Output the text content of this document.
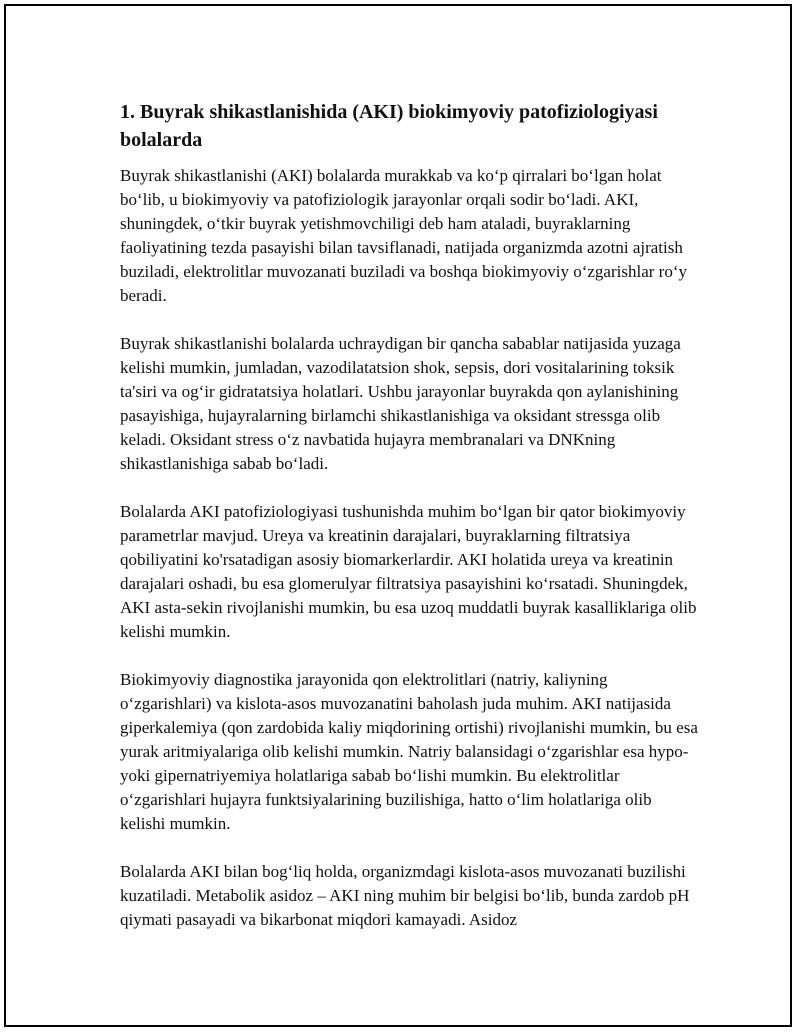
1. Buyrak shikastlanishida (AKI) biokimyoviy patofiziologiyasi bolalarda

Buyrak shikastlanishi (AKI) bolalarda murakkab va ko‘p qirralari bo‘lgan holat bo‘lib, u biokimyoviy va patofiziologik jarayonlar orqali sodir bo‘ladi. AKI, shuningdek, o‘tkir buyrak yetishmovchiligi deb ham ataladi, buyraklarning faoliyatining tezda pasayishi bilan tavsiflanadi, natijada organizmda azotni ajratish buziladi, elektrolitlar muvozanati buziladi va boshqa biokimyoviy o‘zgarishlar ro‘y beradi.

Buyrak shikastlanishi bolalarda uchraydigan bir qancha sabablar natijasida yuzaga kelishi mumkin, jumladan, vazodilatatsion shok, sepsis, dori vositalarining toksik ta'siri va og‘ir gidratatsiya holatlari. Ushbu jarayonlar buyrakda qon aylanishining pasayishiga, hujayralarning birlamchi shikastlanishiga va oksidant stressga olib keladi. Oksidant stress o‘z navbatida hujayra membranalari va DNKning shikastlanishiga sabab bo‘ladi.

Bolalarda AKI patofiziologiyasi tushunishda muhim bo‘lgan bir qator biokimyoviy parametrlar mavjud. Ureya va kreatinin darajalari, buyraklarning filtratsiya qobiliyatini ko'rsatadigan asosiy biomarkerlardir. AKI holatida ureya va kreatinin darajalari oshadi, bu esa glomerulyar filtratsiya pasayishini ko‘rsatadi. Shuningdek, AKI asta-sekin rivojlanishi mumkin, bu esa uzoq muddatli buyrak kasalliklariga olib kelishi mumkin.

Biokimyoviy diagnostika jarayonida qon elektrolitlari (natriy, kaliyning o‘zgarishlari) va kislota-asos muvozanatini baholash juda muhim. AKI natijasida giperkalemiya (qon zardobida kaliy miqdorining ortishi) rivojlanishi mumkin, bu esa yurak aritmiyalariga olib kelishi mumkin. Natriy balansidagi o‘zgarishlar esa hypo- yoki gipernatriyemiya holatlariga sabab bo‘lishi mumkin. Bu elektrolitlar o‘zgarishlari hujayra funktsiyalarining buzilishiga, hatto o‘lim holatlariga olib kelishi mumkin.

Bolalarda AKI bilan bog‘liq holda, organizmdagi kislota-asos muvozanati buzilishi kuzatiladi. Metabolik asidoz – AKI ning muhim bir belgisi bo‘lib, bunda zardob pH qiymati pasayadi va bikarbonat miqdori kamayadi. Asidoz
